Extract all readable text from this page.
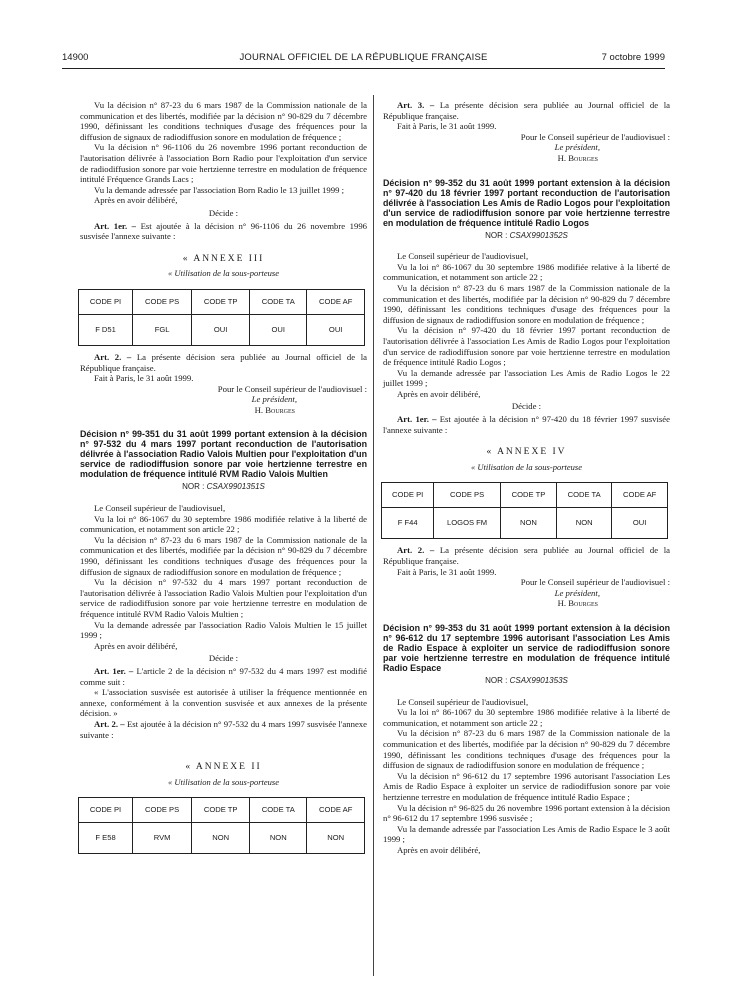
14900	JOURNAL OFFICIEL DE LA RÉPUBLIQUE FRANÇAISE	7 octobre 1999

Vu la décision n° 87-23 du 6 mars 1987 de la Commission nationale de la communication et des libertés, modifiée par la décision n° 90-829 du 7 décembre 1990, définissant les conditions techniques d'usage des fréquences pour la diffusion de signaux de radiodiffusion sonore en modulation de fréquence ;

Vu la décision n° 96-1106 du 26 novembre 1996 portant reconduction de l'autorisation délivrée à l'association Born Radio pour l'exploitation d'un service de radiodiffusion sonore par voie hertzienne terrestre en modulation de fréquence intitulé Fréquence Grands Lacs ;

Vu la demande adressée par l'association Born Radio le 13 juillet 1999 ;

Après en avoir délibéré,

Décide :

Art. 1er. – Est ajoutée à la décision n° 96-1106 du 26 novembre 1996 susvisée l'annexe suivante :

« ANNEXE III

« Utilisation de la sous-porteuse

CODE PI	CODE PS	CODE TP	CODE TA	CODE AF
F D51	FGL	OUI	OUI	OUI

Art. 2. – La présente décision sera publiée au Journal officiel de la République française.

Fait à Paris, le 31 août 1999.

Pour le Conseil supérieur de l'audiovisuel :

Le président,

H. Bourges

Décision n° 99-351 du 31 août 1999 portant extension à la décision n° 97-532 du 4 mars 1997 portant reconduction de l'autorisation délivrée à l'association Radio Valois Multien pour l'exploitation d'un service de radiodiffusion sonore par voie hertzienne terrestre en modulation de fréquence intitulé RVM Radio Valois Multien

NOR : CSAX9901351S

Le Conseil supérieur de l'audiovisuel,

Vu la loi n° 86-1067 du 30 septembre 1986 modifiée relative à la liberté de communication, et notamment son article 22 ;

Vu la décision n° 87-23 du 6 mars 1987 de la Commission nationale de la communication et des libertés, modifiée par la décision n° 90-829 du 7 décembre 1990, définissant les conditions techniques d'usage des fréquences pour la diffusion de signaux de radiodiffusion sonore en modulation de fréquence ;

Vu la décision n° 97-532 du 4 mars 1997 portant reconduction de l'autorisation délivrée à l'association Radio Valois Multien pour l'exploitation d'un service de radiodiffusion sonore par voie hertzienne terrestre en modulation de fréquence intitulé RVM Radio Valois Multien ;

Vu la demande adressée par l'association Radio Valois Multien le 15 juillet 1999 ;

Après en avoir délibéré,

Décide :

Art. 1er. – L'article 2 de la décision n° 97-532 du 4 mars 1997 est modifié comme suit :

« L'association susvisée est autorisée à utiliser la fréquence mentionnée en annexe, conformément à la convention susvisée et aux annexes de la présente décision. »

Art. 2. – Est ajoutée à la décision n° 97-532 du 4 mars 1997 susvisée l'annexe suivante :

« ANNEXE II

« Utilisation de la sous-porteuse

CODE PI	CODE PS	CODE TP	CODE TA	CODE AF
F E58	RVM	NON	NON	NON

Art. 3. – La présente décision sera publiée au Journal officiel de la République française.

Fait à Paris, le 31 août 1999.

Pour le Conseil supérieur de l'audiovisuel :

Le président,

H. Bourges

Décision n° 99-352 du 31 août 1999 portant extension à la décision n° 97-420 du 18 février 1997 portant reconduction de l'autorisation délivrée à l'association Les Amis de Radio Logos pour l'exploitation d'un service de radiodiffusion sonore par voie hertzienne terrestre en modulation de fréquence intitulé Radio Logos

NOR : CSAX9901352S

Le Conseil supérieur de l'audiovisuel,

Vu la loi n° 86-1067 du 30 septembre 1986 modifiée relative à la liberté de communication, et notamment son article 22 ;

Vu la décision n° 87-23 du 6 mars 1987 de la Commission nationale de la communication et des libertés, modifiée par la décision n° 90-829 du 7 décembre 1990, définissant les conditions techniques d'usage des fréquences pour la diffusion de signaux de radiodiffusion sonore en modulation de fréquence ;

Vu la décision n° 97-420 du 18 février 1997 portant reconduction de l'autorisation délivrée à l'association Les Amis de Radio Logos pour l'exploitation d'un service de radiodiffusion sonore par voie hertzienne terrestre en modulation de fréquence intitulé Radio Logos ;

Vu la demande adressée par l'association Les Amis de Radio Logos le 22 juillet 1999 ;

Après en avoir délibéré,

Décide :

Art. 1er. – Est ajoutée à la décision n° 97-420 du 18 février 1997 susvisée l'annexe suivante :

« ANNEXE IV

« Utilisation de la sous-porteuse

CODE PI	CODE PS	CODE TP	CODE TA	CODE AF
F F44	LOGOS FM	NON	NON	OUI

Art. 2. – La présente décision sera publiée au Journal officiel de la République française.

Fait à Paris, le 31 août 1999.

Pour le Conseil supérieur de l'audiovisuel :

Le président,

H. Bourges

Décision n° 99-353 du 31 août 1999 portant extension à la décision n° 96-612 du 17 septembre 1996 autorisant l'association Les Amis de Radio Espace à exploiter un service de radiodiffusion sonore par voie hertzienne terrestre en modulation de fréquence intitulé Radio Espace

NOR : CSAX9901353S

Le Conseil supérieur de l'audiovisuel,

Vu la loi n° 86-1067 du 30 septembre 1986 modifiée relative à la liberté de communication, et notamment son article 22 ;

Vu la décision n° 87-23 du 6 mars 1987 de la Commission nationale de la communication et des libertés, modifiée par la décision n° 90-829 du 7 décembre 1990, définissant les conditions techniques d'usage des fréquences pour la diffusion de signaux de radiodiffusion sonore en modulation de fréquence ;

Vu la décision n° 96-612 du 17 septembre 1996 autorisant l'association Les Amis de Radio Espace à exploiter un service de radiodiffusion sonore par voie hertzienne terrestre en modulation de fréquence intitulé Radio Espace ;

Vu la décision n° 96-825 du 26 novembre 1996 portant extension à la décision n° 96-612 du 17 septembre 1996 susvisée ;

Vu la demande adressée par l'association Les Amis de Radio Espace le 3 août 1999 ;

Après en avoir délibéré,
